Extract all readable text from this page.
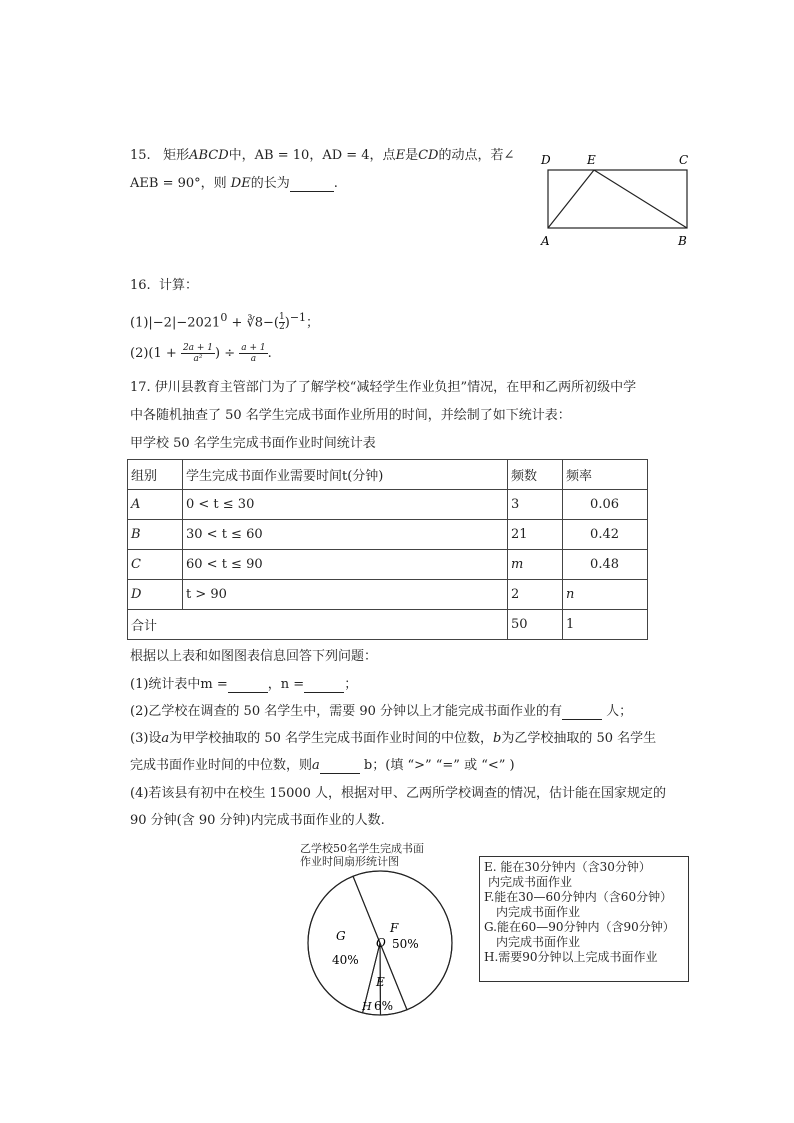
15. 矩形ABCD中，AB = 10，AD = 4，点E是CD的动点，若∠
AEB = 90°，则 DE的长为	.
D	E	C
A	B
16. 计算：
$(1)|-2|-2021^0$ + ∛8−( $\frac{1}{2} )^{-1}$；
$(2)(1 + \frac{2a + 1}{\text{a²}}$ ) ÷ $\frac{a + 1}{a}$ .
17. 伊川县教育主管部门为了了解学校“减轻学生作业负担”情况，在甲和乙两所初级中学
中各随机抽查了 50 名学生完成书面作业所用的时间，并绘制了如下统计表：
甲学校 50 名学生完成书面作业时间统计表
组别	学生完成书面作业需要时间t(分钟)	频数	频率
A	0 < t ≤ 30	3	0.06
B	30 < t ≤ 60	21	0.42
C	60 < t ≤ 90	m	0.48
D	t > 90	2	n
合计		50	1
根据以上表和如图图表信息回答下列问题：
(1)统计表中m =	，n =	；
(2)乙学校在调查的 50 名学生中，需要 90 分钟以上才能完成书面作业的有	人；
(3)设a为甲学校抽取的 50 名学生完成书面作业时间的中位数，b为乙学校抽取的 50 名学生
完成书面作业时间的中位数，则a	b；(填 “>” “=” 或 “<” )
(4)若该县有初中在校生 15000 人，根据对甲、乙两所学校调查的情况，估计能在国家规定的
90 分钟(含 90 分钟)内完成书面作业的人数.
乙学校50名学生完成书面
作业时间扇形统计图
O
F
50%
G
40%
E
6%
H
E. 能在30分钟内（含30分钟）
内完成书面作业
F.能在30—60分钟内（含60分钟）
内完成书面作业
G.能在60—90分钟内（含90分钟）
内完成书面作业
H.需要90分钟以上完成书面作业
